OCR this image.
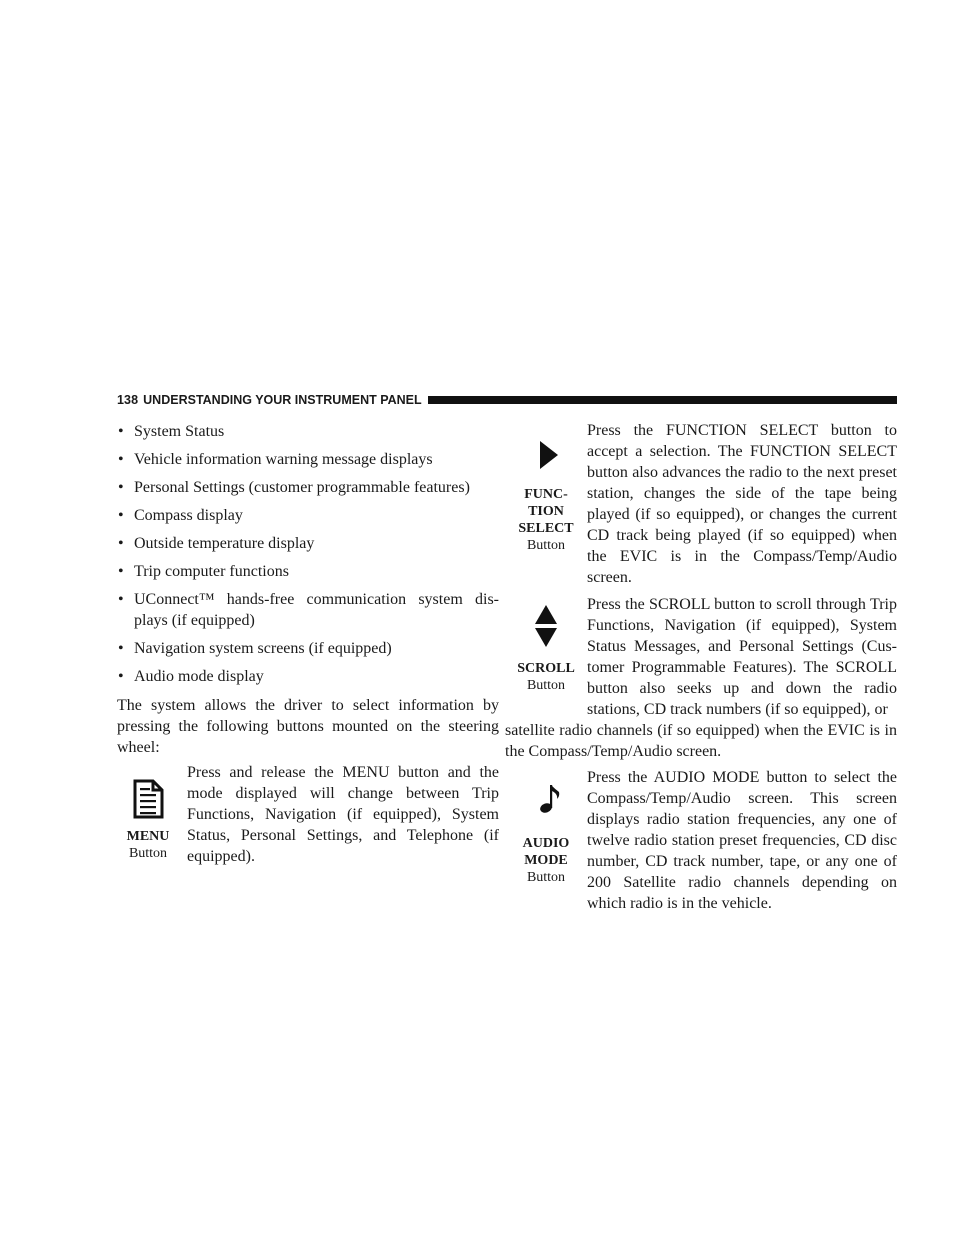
138 UNDERSTANDING YOUR INSTRUMENT PANEL
• System Status
• Vehicle information warning message displays
• Personal Settings (customer programmable features)
• Compass display
• Outside temperature display
• Trip computer functions
• UConnect™ hands-free communication system dis- plays (if equipped)
• Navigation system screens (if equipped)
• Audio mode display

The system allows the driver to select information by pressing the following buttons mounted on the steering wheel:

MENU
Button
Press and release the MENU button and the mode displayed will change between Trip Functions, Navigation (if equipped), System Status, Personal Settings, and Telephone (if equipped).
FUNC-
TION
SELECT
Button
Press the FUNCTION SELECT button to accept a selection. The FUNCTION SELECT button also advances the radio to the next preset station, changes the side of the tape being played (if so equipped), or changes the current CD track being played (if so equipped) when the EVIC is in the Compass/Temp/Audio screen.
SCROLL
Button
Press the SCROLL button to scroll through Trip Functions, Navigation (if equipped), System Status Messages, and Personal Settings (Cus- tomer Programmable Features). The SCROLL button also seeks up and down the radio stations, CD track numbers (if so equipped), or

satellite radio channels (if so equipped) when the EVIC is in the Compass/Temp/Audio screen.

AUDIO
MODE
Button
Press the AUDIO MODE button to select the Compass/Temp/Audio screen. This screen displays radio station frequencies, any one of twelve radio station preset frequencies, CD disc number, CD track number, tape, or any one of 200 Satellite radio channels depending on which radio is in the vehicle.
